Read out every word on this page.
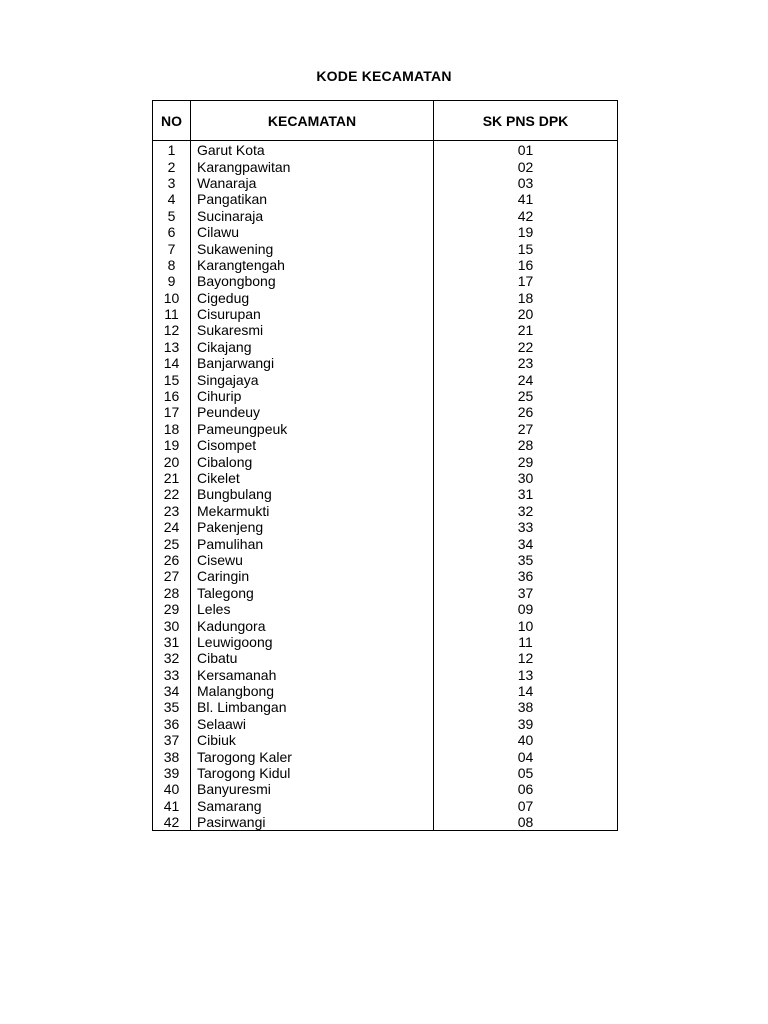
KODE KECAMATAN
NO	KECAMATAN	SK PNS DPK
1	Garut Kota	01
2	Karangpawitan	02
3	Wanaraja	03
4	Pangatikan	41
5	Sucinaraja	42
6	Cilawu	19
7	Sukawening	15
8	Karangtengah	16
9	Bayongbong	17
10	Cigedug	18
11	Cisurupan	20
12	Sukaresmi	21
13	Cikajang	22
14	Banjarwangi	23
15	Singajaya	24
16	Cihurip	25
17	Peundeuy	26
18	Pameungpeuk	27
19	Cisompet	28
20	Cibalong	29
21	Cikelet	30
22	Bungbulang	31
23	Mekarmukti	32
24	Pakenjeng	33
25	Pamulihan	34
26	Cisewu	35
27	Caringin	36
28	Talegong	37
29	Leles	09
30	Kadungora	10
31	Leuwigoong	11
32	Cibatu	12
33	Kersamanah	13
34	Malangbong	14
35	Bl. Limbangan	38
36	Selaawi	39
37	Cibiuk	40
38	Tarogong Kaler	04
39	Tarogong Kidul	05
40	Banyuresmi	06
41	Samarang	07
42	Pasirwangi	08
